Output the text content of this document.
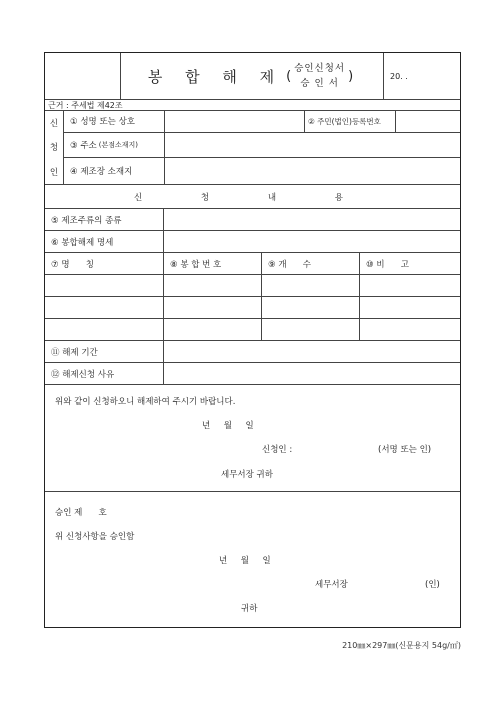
봉 합 해 제 ( 승인신청서
승 인 서 )	20. .
근거 : 주세법 제42조
신
청
인
① 성명 또는 상호	② 주민(법인)등록번호
③ 주소 (본점소재지)
④ 제조장 소재지
신 청 내 용
⑤ 제조주류의 종류
⑥ 봉합해제 명세
⑦ 명      칭	⑧ 봉 합 번 호	⑨ 개      수	⑩ 비      고
⑪ 해제 기간
⑫ 해제신청 사유
위와 같이 신청하오니 해제하여 주시기 바랍니다.
년     월     일
신청인 :	(서명 또는 인)
세무서장 귀하
승인 제      호
위 신청사항을 승인함
년     월     일
세무서장	(인)
귀하
210㎜×297㎜(신문용지 54g/㎡)
